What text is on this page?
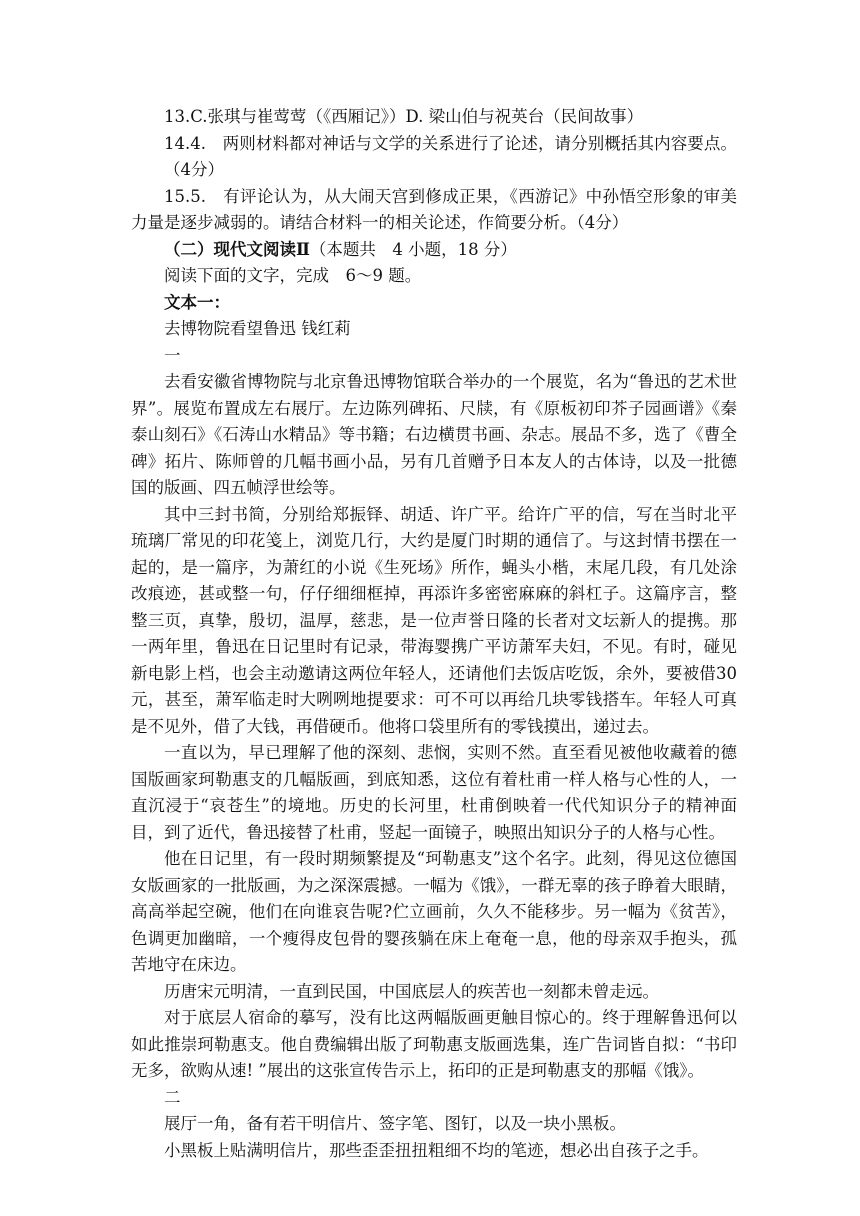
13.C.张琪与崔莺莺（《西厢记》）D. 梁山伯与祝英台（民间故事）

14.4.　两则材料都对神话与文学的关系进行了论述，请分别概括其内容要点。（4分）

15.5.　有评论认为，从大闹天宫到修成正果，《西游记》中孙悟空形象的审美力量是逐步减弱的。请结合材料一的相关论述，作简要分析。（4分）

（二）现代文阅读Ⅱ（本题共　4 小题，18 分）

阅读下面的文字，完成　6～9 题。

文本一：

去博物院看望鲁迅 钱红莉

一

去看安徽省博物院与北京鲁迅博物馆联合举办的一个展览，名为“鲁迅的艺术世界”。展览布置成左右展厅。左边陈列碑拓、尺牍，有《原板初印芥子园画谱》《秦泰山刻石》《石涛山水精品》等书籍；右边横贯书画、杂志。展品不多，选了《曹全碑》拓片、陈师曾的几幅书画小品，另有几首赠予日本友人的古体诗，以及一批德国的版画、四五帧浮世绘等。

其中三封书简，分别给郑振铎、胡适、许广平。给许广平的信，写在当时北平琉璃厂常见的印花笺上，浏览几行，大约是厦门时期的通信了。与这封情书摆在一起的，是一篇序，为萧红的小说《生死场》所作，蝇头小楷，末尾几段，有几处涂改痕迹，甚或整一句，仔仔细细框掉，再添许多密密麻麻的斜杠子。这篇序言，整整三页，真挚，殷切，温厚，慈悲，是一位声誉日隆的长者对文坛新人的提携。那一两年里，鲁迅在日记里时有记录，带海婴携广平访萧军夫妇，不见。有时，碰见新电影上档，也会主动邀请这两位年轻人，还请他们去饭店吃饭，余外，要被借30 元，甚至，萧军临走时大咧咧地提要求：可不可以再给几块零钱搭车。年轻人可真是不见外，借了大钱，再借硬币。他将口袋里所有的零钱摸出，递过去。

一直以为，早已理解了他的深刻、悲悯，实则不然。直至看见被他收藏着的德国版画家珂勒惠支的几幅版画，到底知悉，这位有着杜甫一样人格与心性的人，一直沉浸于“哀苍生”的境地。历史的长河里，杜甫倒映着一代代知识分子的精神面目，到了近代，鲁迅接替了杜甫，竖起一面镜子，映照出知识分子的人格与心性。

他在日记里，有一段时期频繁提及“珂勒惠支”这个名字。此刻，得见这位德国女版画家的一批版画，为之深深震撼。一幅为《饿》，一群无辜的孩子睁着大眼睛，高高举起空碗，他们在向谁哀告呢?伫立画前，久久不能移步。另一幅为《贫苦》，色调更加幽暗，一个瘦得皮包骨的婴孩躺在床上奄奄一息，他的母亲双手抱头，孤苦地守在床边。

历唐宋元明清，一直到民国，中国底层人的疾苦也一刻都未曾走远。

对于底层人宿命的摹写，没有比这两幅版画更触目惊心的。终于理解鲁迅何以如此推崇珂勒惠支。他自费编辑出版了珂勒惠支版画选集，连广告词皆自拟：“书印无多，欲购从速! ”展出的这张宣传告示上，拓印的正是珂勒惠支的那幅《饿》。

二

展厅一角，备有若干明信片、签字笔、图钉，以及一块小黑板。

小黑板上贴满明信片，那些歪歪扭扭粗细不均的笔迹，想必出自孩子之手。
